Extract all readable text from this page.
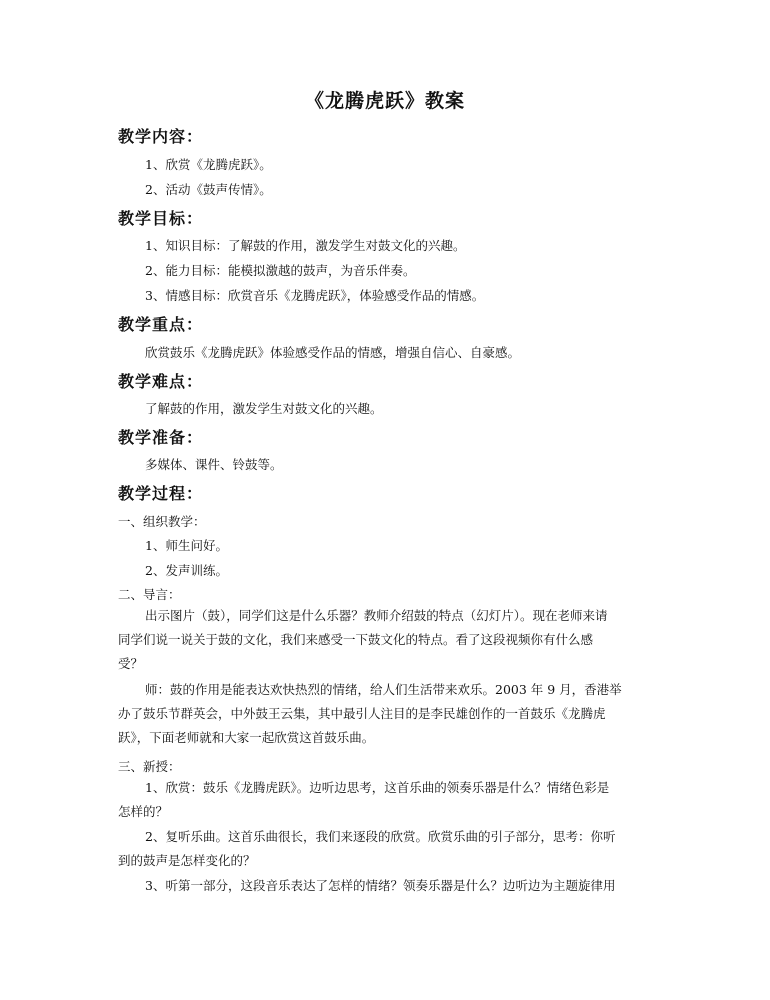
《龙腾虎跃》教案
教学内容：
1、欣赏《龙腾虎跃》。
2、活动《鼓声传情》。
教学目标：
1、知识目标：了解鼓的作用，激发学生对鼓文化的兴趣。
2、能力目标：能模拟激越的鼓声，为音乐伴奏。
3、情感目标：欣赏音乐《龙腾虎跃》，体验感受作品的情感。
教学重点：
欣赏鼓乐《龙腾虎跃》体验感受作品的情感，增强自信心、自豪感。
教学难点：
了解鼓的作用，激发学生对鼓文化的兴趣。
教学准备：
多媒体、课件、铃鼓等。
教学过程：
一、组织教学：
1、师生问好。
2、发声训练。
二、导言：
出示图片（鼓），同学们这是什么乐器？教师介绍鼓的特点（幻灯片）。现在老师来请
同学们说一说关于鼓的文化，我们来感受一下鼓文化的特点。看了这段视频你有什么感
受？
师：鼓的作用是能表达欢快热烈的情绪，给人们生活带来欢乐。2003 年 9 月，香港举
办了鼓乐节群英会，中外鼓王云集，其中最引人注目的是李民雄创作的一首鼓乐《龙腾虎
跃》，下面老师就和大家一起欣赏这首鼓乐曲。
三、新授：
1、欣赏：鼓乐《龙腾虎跃》。边听边思考，这首乐曲的领奏乐器是什么？情绪色彩是
怎样的？
2、复听乐曲。这首乐曲很长，我们来逐段的欣赏。欣赏乐曲的引子部分，思考：你听
到的鼓声是怎样变化的？
3、听第一部分，这段音乐表达了怎样的情绪？领奏乐器是什么？边听边为主题旋律用
